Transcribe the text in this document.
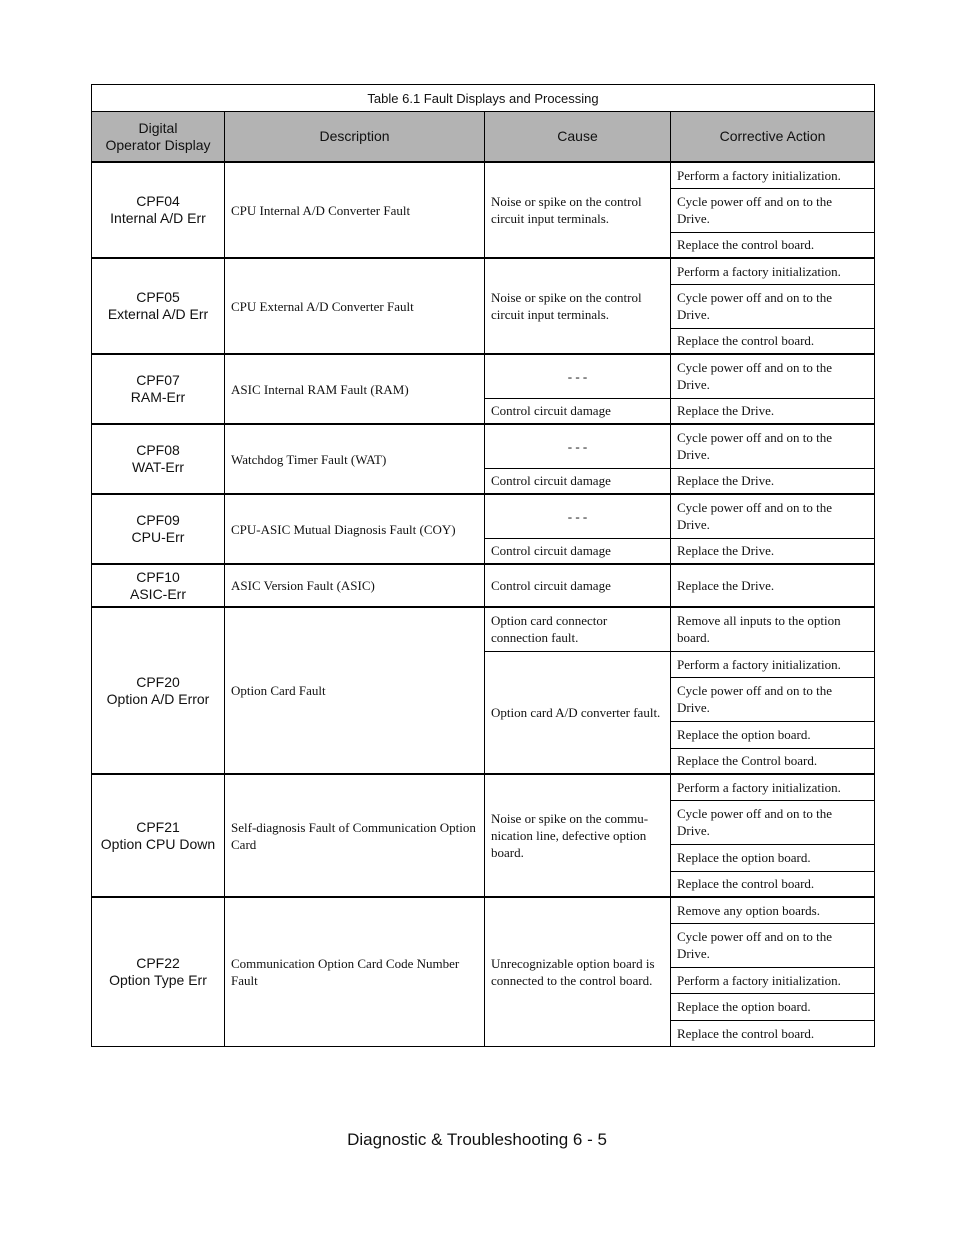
Table 6.1 Fault Displays and Processing			

Digital
Operator Display	Description	Cause	Corrective Action

CPF04
Internal A/D Err	CPU Internal A/D Converter Fault	Noise or spike on the control circuit input terminals.	Perform a factory initialization.
			Cycle power off and on to the Drive.
			Replace the control board.

CPF05
External A/D Err	CPU External A/D Converter Fault	Noise or spike on the control circuit input terminals.	Perform a factory initialization.
			Cycle power off and on to the Drive.
			Replace the control board.

CPF07
RAM-Err	ASIC Internal RAM Fault (RAM)	- - -	Cycle power off and on to the Drive.
		Control circuit damage	Replace the Drive.

CPF08
WAT-Err	Watchdog Timer Fault (WAT)	- - -	Cycle power off and on to the Drive.
		Control circuit damage	Replace the Drive.

CPF09
CPU-Err	CPU-ASIC Mutual Diagnosis Fault (COY)	- - -	Cycle power off and on to the Drive.
		Control circuit damage	Replace the Drive.

CPF10
ASIC-Err	ASIC Version Fault (ASIC)	Control circuit damage	Replace the Drive.

CPF20
Option A/D Error	Option Card Fault	Option card connector connection fault.	Remove all inputs to the option board.
		Option card A/D converter fault.	Perform a factory initialization.
			Cycle power off and on to the Drive.
			Replace the option board.
			Replace the Control board.

CPF21
Option CPU Down	Self-diagnosis Fault of Communication Option Card	Noise or spike on the commu-nication line, defective option board.	Perform a factory initialization.
			Cycle power off and on to the Drive.
			Replace the option board.
			Replace the control board.

CPF22
Option Type Err	Communication Option Card Code Number Fault	Unrecognizable option board is connected to the control board.	Remove any option boards.
			Cycle power off and on to the Drive.
			Perform a factory initialization.
			Replace the option board.
			Replace the control board.
Diagnostic & Troubleshooting 6 - 5
